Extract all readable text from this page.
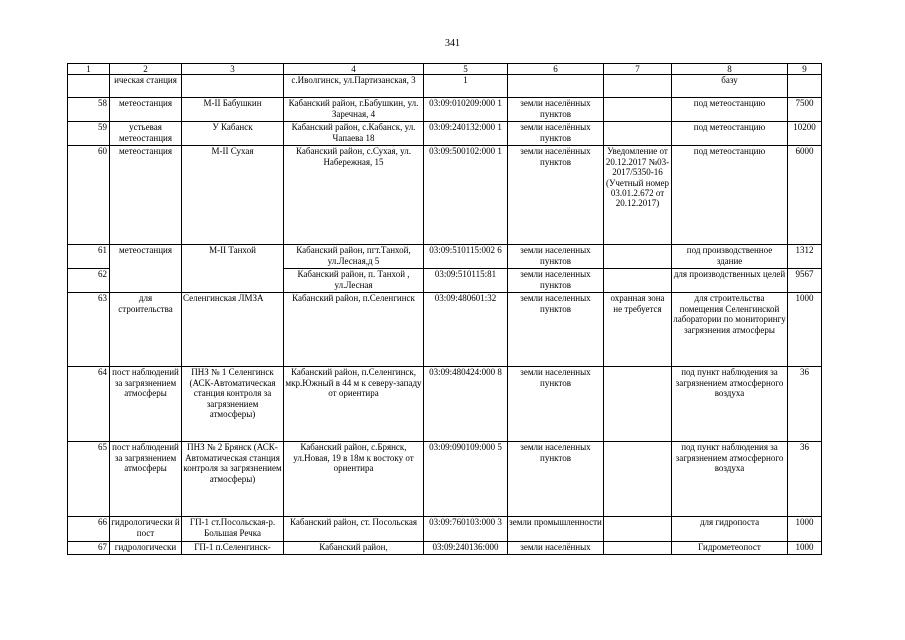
341
1	2	3	4	5	6	7	8	9
	ическая станция		с.Иволгинск, ул.Партизанская, 3	1			базу	
58	метеостанция	М-II Бабушкин	Кабанский район, г.Бабушкин, ул. Заречная, 4	03:09:010209:000 1	земли населённых пунктов		под метеостанцию	7500
59	устьевая метеостанция	У Кабанск	Кабанский район, с.Кабанск, ул. Чапаева 18	03:09:240132:000 1	земли населённых пунктов		под метеостанцию	10200
60	метеостанция	М-II Сухая	Кабанский район, с.Сухая, ул. Набережная, 15	03:09:500102:000 1	земли населённых пунктов	Уведомление от 20.12.2017 №03-2017/5350-16 (Учетный номер 03.01.2.672 от 20.12.2017)	под метеостанцию	6000
61	метеостанция	М-II Танхой	Кабанский район, пгт.Танхой, ул.Лесная,д 5	03:09:510115:002 6	земли населенных пунктов		под производственное здание	1312
62			Кабанский район, п. Танхой , ул.Лесная	03:09:510115:81	земли населенных пунктов		для производственных целей	9567
63	для строительства	Селенгинская ЛМЗА	Кабанский район, п.Селенгинск	03:09:480601:32	земли населенных пунктов	охранная зона не требуется	для строительства помещения Селенгинской лаборатории по мониторингу загрязнения атмосферы	1000
64	пост наблюдений за загрязнением атмосферы	ПНЗ № 1 Селенгинск (АСК-Автоматическая станция контроля за загрязнением атмосферы)	Кабанский район, п.Селенгинск, мкр.Южный в 44 м к северу-западу от ориентира	03:09:480424:000 8	земли населенных пунктов		под пункт наблюдения за загрязнением атмосферного воздуха	36
65	пост наблюдений за загрязнением атмосферы	ПНЗ № 2 Брянск (АСК-Автоматическая станция контроля за загрязнением атмосферы)	Кабанский район, с.Брянск, ул.Новая, 19 в 18м к востоку от ориентира	03:09:090109:000 5	земли населенных пунктов		под пункт наблюдения за загрязнением атмосферного воздуха	36
66	гидрологически й пост	ГП-1 ст.Посольская-р. Большая Речка	Кабанский район, ст. Посольская	03:09:760103:000 3	земли промышленности		для гидропоста	1000
67	гидрологически	ГП-1 п.Селенгинск-	Кабанский район,	03:09:240136:000	земли населённых		Гидрометеопост	1000
